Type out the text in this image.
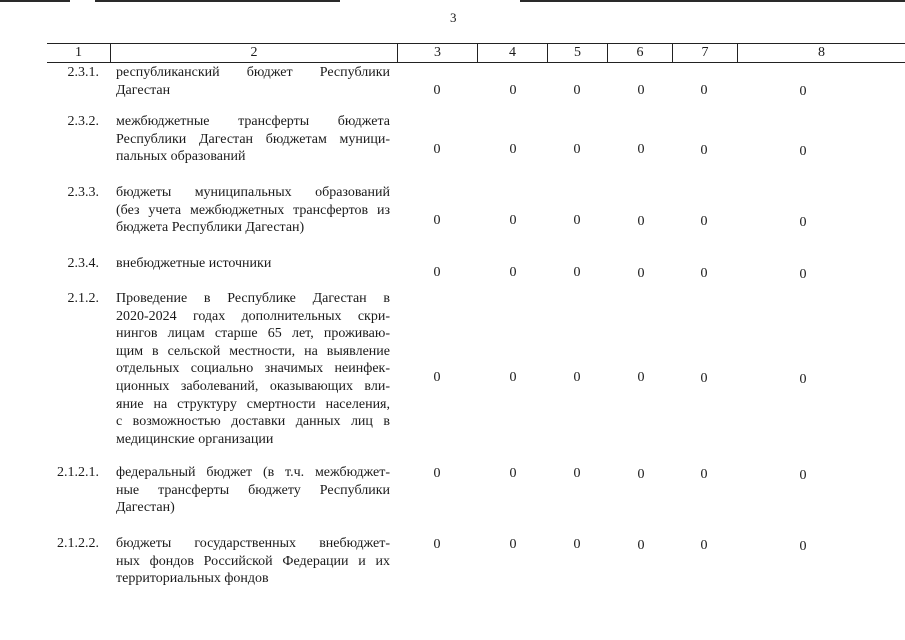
3
1	2	3	4	5	6	7	8
2.3.1. республиканский бюджет Республики
Дагестан	0	0	0	0	0	0
2.3.2. межбюджетные трансферты бюджета
Республики Дагестан бюджетам муници-
пальных образований	0	0	0	0	0	0
2.3.3. бюджеты муниципальных образований
(без учета межбюджетных трансфертов из
бюджета Республики Дагестан)	0	0	0	0	0	0
2.3.4. внебюджетные источники
0	0	0	0	0	0
2.1.2. Проведение в Республике Дагестан в
2020-2024 годах дополнительных скри-
нингов лицам старше 65 лет, проживаю-
щим в сельской местности, на выявление
отдельных социально значимых неинфек-
ционных заболеваний, оказывающих вли-
яние на структуру смертности населения,
с возможностью доставки данных лиц в
медицинские организации
0	0	0	0	0	0
2.1.2.1. федеральный бюджет (в т.ч. межбюджет-
ные трансферты бюджету Республики
Дагестан)
0	0	0	0	0	0
2.1.2.2. бюджеты государственных внебюджет-
ных фондов Российской Федерации и их
территориальных фондов
0	0	0	0	0	0
